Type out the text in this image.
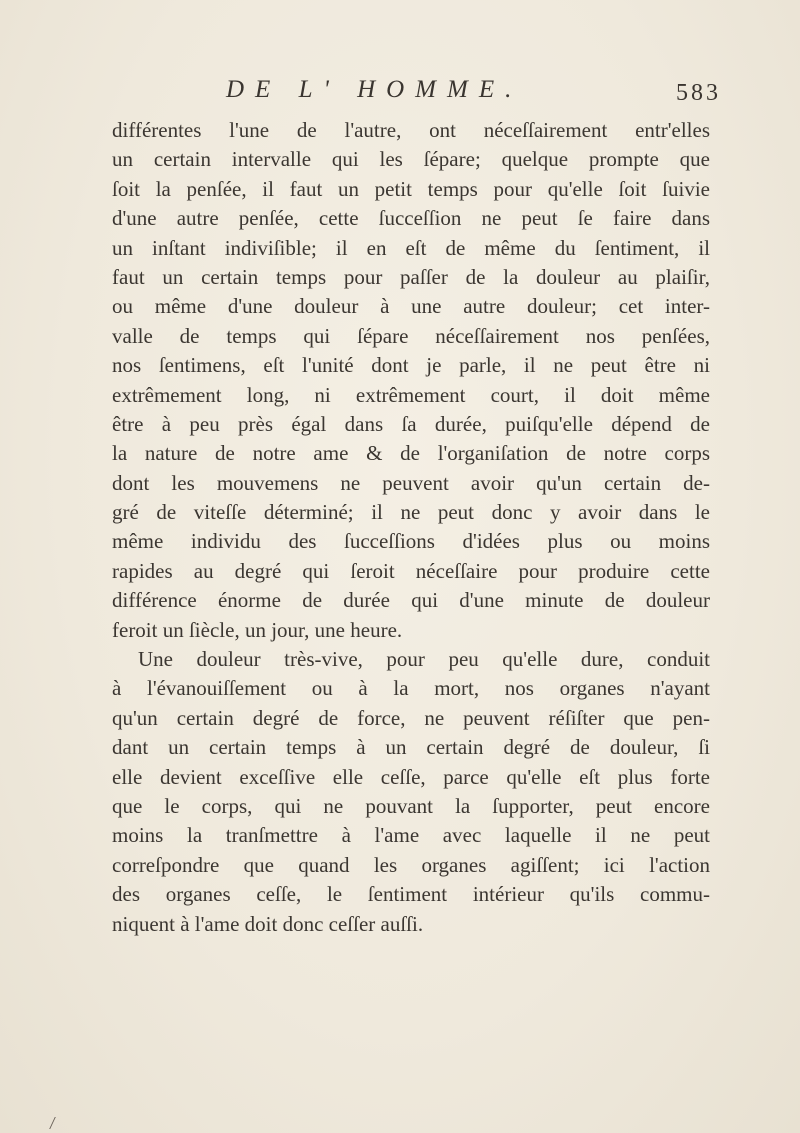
DE L' HOMME.	583
différentes l'une de l'autre, ont néceſſairement entr'elles
un certain intervalle qui les ſépare; quelque prompte que
ſoit la penſée, il faut un petit temps pour qu'elle ſoit ſuivie
d'une autre penſée, cette ſucceſſion ne peut ſe faire dans
un inſtant indiviſible; il en eſt de même du ſentiment, il
faut un certain temps pour paſſer de la douleur au plaiſir,
ou même d'une douleur à une autre douleur; cet inter-
valle de temps qui ſépare néceſſairement nos penſées,
nos ſentimens, eſt l'unité dont je parle, il ne peut être ni
extrêmement long, ni extrêmement court, il doit même
être à peu près égal dans ſa durée, puiſqu'elle dépend de
la nature de notre ame & de l'organiſation de notre corps
dont les mouvemens ne peuvent avoir qu'un certain de-
gré de viteſſe déterminé; il ne peut donc y avoir dans le
même individu des ſucceſſions d'idées plus ou moins
rapides au degré qui ſeroit néceſſaire pour produire cette
différence énorme de durée qui d'une minute de douleur
feroit un ſiècle, un jour, une heure.
Une douleur très-vive, pour peu qu'elle dure, conduit
à l'évanouiſſement ou à la mort, nos organes n'ayant
qu'un certain degré de force, ne peuvent réſiſter que pen-
dant un certain temps à un certain degré de douleur, ſi
elle devient exceſſive elle ceſſe, parce qu'elle eſt plus forte
que le corps, qui ne pouvant la ſupporter, peut encore
moins la tranſmettre à l'ame avec laquelle il ne peut
correſpondre que quand les organes agiſſent; ici l'action
des organes ceſſe, le ſentiment intérieur qu'ils commu-
niquent à l'ame doit donc ceſſer auſſi.
